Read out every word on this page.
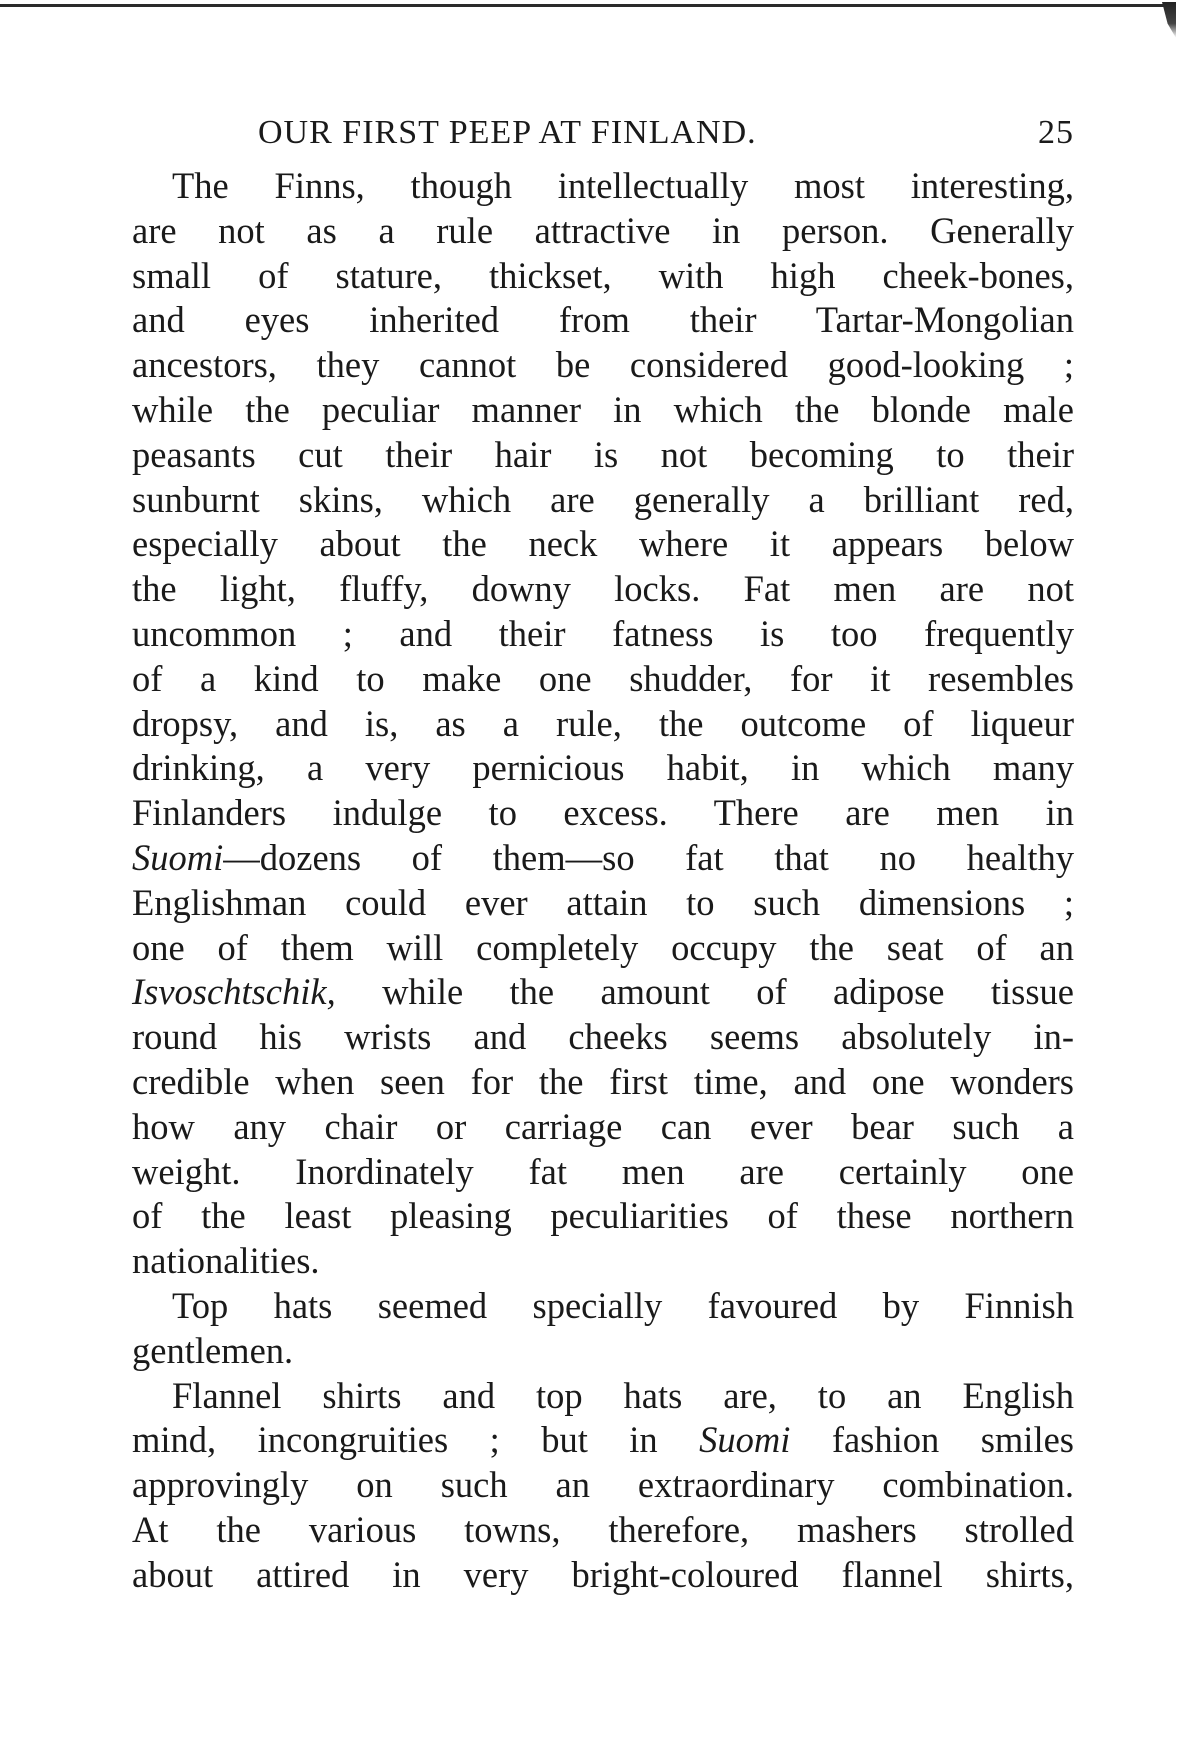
OUR FIRST PEEP AT FINLAND.	25
The Finns, though intellectually most interesting,
are not as a rule attractive in person. Generally
small of stature, thickset, with high cheek-bones,
and eyes inherited from their Tartar-Mongolian
ancestors, they cannot be considered good-looking ;
while the peculiar manner in which the blonde male
peasants cut their hair is not becoming to their
sunburnt skins, which are generally a brilliant red,
especially about the neck where it appears below
the light, fluffy, downy locks. Fat men are not
uncommon ; and their fatness is too frequently
of a kind to make one shudder, for it resembles
dropsy, and is, as a rule, the outcome of liqueur
drinking, a very pernicious habit, in which many
Finlanders indulge to excess. There are men in
Suomi—dozens of them—so fat that no healthy
Englishman could ever attain to such dimensions ;
one of them will completely occupy the seat of an
Isvoschtschik, while the amount of adipose tissue
round his wrists and cheeks seems absolutely in-
credible when seen for the first time, and one wonders
how any chair or carriage can ever bear such a
weight. Inordinately fat men are certainly one
of the least pleasing peculiarities of these northern
nationalities.
Top hats seemed specially favoured by Finnish
gentlemen.
Flannel shirts and top hats are, to an English
mind, incongruities ; but in Suomi fashion smiles
approvingly on such an extraordinary combination.
At the various towns, therefore, mashers strolled
about attired in very bright-coloured flannel shirts,
